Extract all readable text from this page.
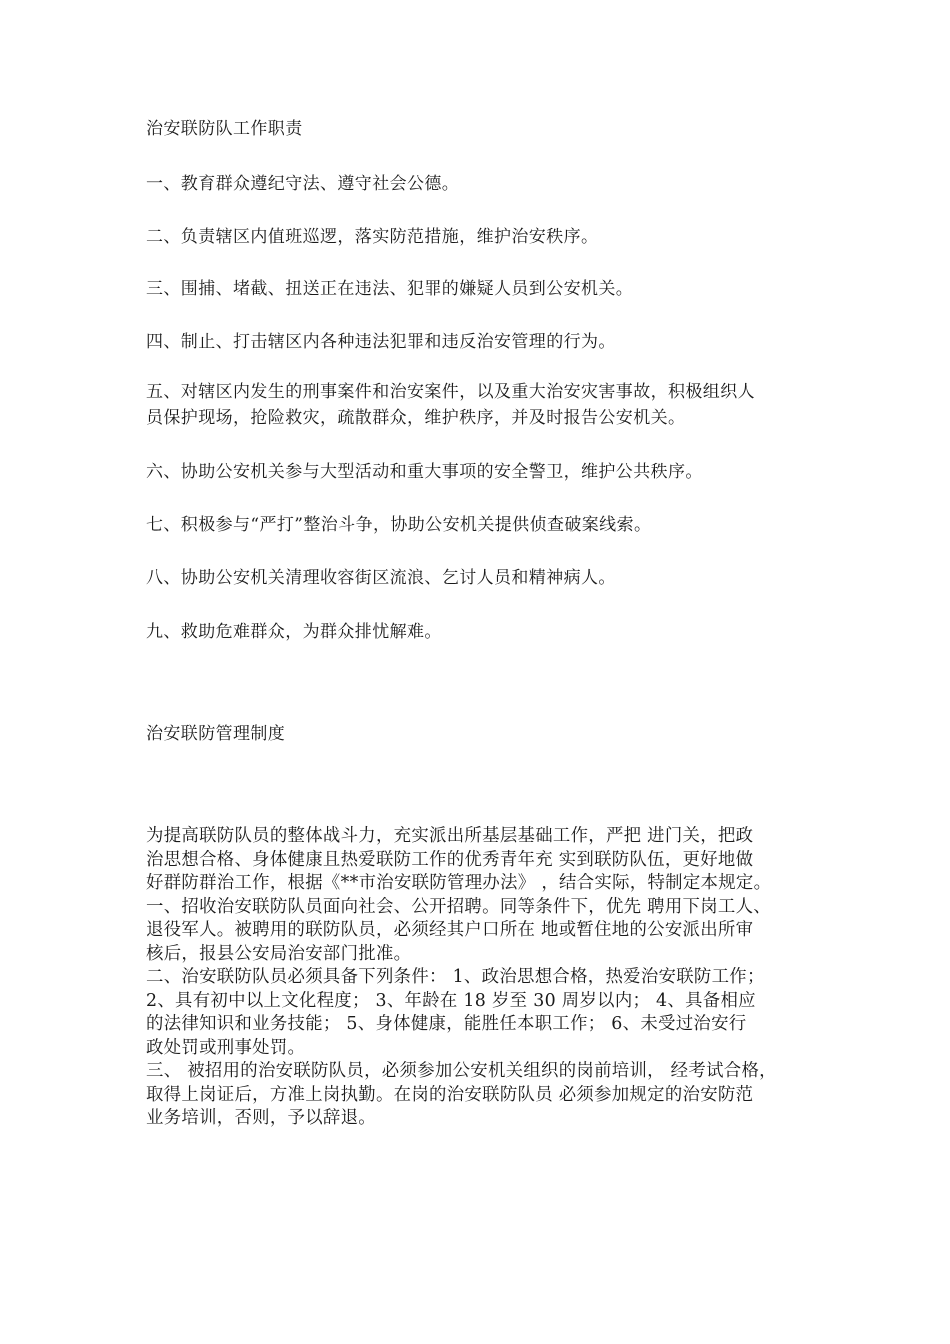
治安联防队工作职责
一、教育群众遵纪守法、遵守社会公德。
二、负责辖区内值班巡逻，落实防范措施，维护治安秩序。
三、围捕、堵截、扭送正在违法、犯罪的嫌疑人员到公安机关。
四、制止、打击辖区内各种违法犯罪和违反治安管理的行为。
五、对辖区内发生的刑事案件和治安案件，以及重大治安灾害事故，积极组织人
员保护现场，抢险救灾，疏散群众，维护秩序，并及时报告公安机关。
六、协助公安机关参与大型活动和重大事项的安全警卫，维护公共秩序。
七、积极参与“严打”整治斗争，协助公安机关提供侦查破案线索。
八、协助公安机关清理收容街区流浪、乞讨人员和精神病人。
九、救助危难群众，为群众排忧解难。
治安联防管理制度

为提高联防队员的整体战斗力，充实派出所基层基础工作，严把 进门关，把政

治思想合格、身体健康且热爱联防工作的优秀青年充 实到联防队伍，更好地做

好群防群治工作，根据《**市治安联防管理办法》 ，结合实际，特制定本规定。

一、招收治安联防队员面向社会、公开招聘。同等条件下，优先 聘用下岗工人、

退役军人。被聘用的联防队员，必须经其户口所在 地或暂住地的公安派出所审

核后，报县公安局治安部门批准。

二、治安联防队员必须具备下列条件： 1、政治思想合格，热爱治安联防工作；

2、具有初中以上文化程度； 3、年龄在 18 岁至 30 周岁以内； 4、具备相应

的法律知识和业务技能； 5、身体健康，能胜任本职工作； 6、未受过治安行

政处罚或刑事处罚。

三、 被招用的治安联防队员，必须参加公安机关组织的岗前培训， 经考试合格，

取得上岗证后，方准上岗执勤。在岗的治安联防队员 必须参加规定的治安防范

业务培训，否则，予以辞退。
